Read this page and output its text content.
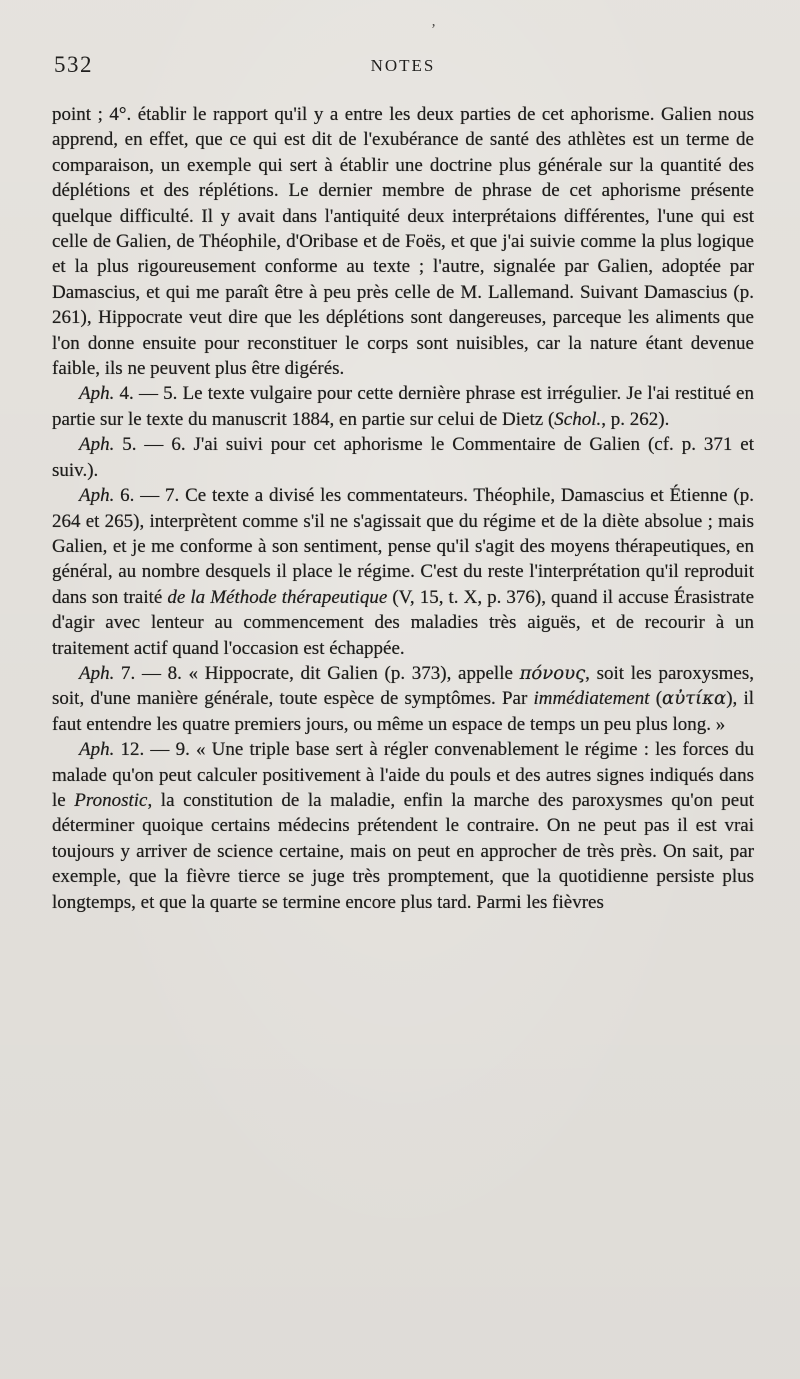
532	NOTES
ʼ

point ; 4°. établir le rapport qu'il y a entre les deux parties de cet aphorisme. Galien nous apprend, en effet, que ce qui est dit de l'exubérance de santé des athlètes est un terme de comparaison, un exemple qui sert à établir une doctrine plus générale sur la quantité des déplétions et des réplétions. Le dernier membre de phrase de cet aphorisme présente quelque difficulté. Il y avait dans l'antiquité deux interprétaions différentes, l'une qui est celle de Galien, de Théophile, d'Oribase et de Foës, et que j'ai suivie comme la plus logique et la plus rigoureusement conforme au texte ; l'autre, signalée par Galien, adoptée par Damascius, et qui me paraît être à peu près celle de M. Lallemand. Suivant Damascius (p. 261), Hippocrate veut dire que les déplétions sont dangereuses, parceque les aliments que l'on donne ensuite pour reconstituer le corps sont nuisibles, car la nature étant devenue faible, ils ne peuvent plus être digérés.

Aph. 4. — 5. Le texte vulgaire pour cette dernière phrase est irrégulier. Je l'ai restitué en partie sur le texte du manuscrit 1884, en partie sur celui de Dietz (Schol., p. 262).

Aph. 5. — 6. J'ai suivi pour cet aphorisme le Commentaire de Galien (cf. p. 371 et suiv.).

Aph. 6. — 7. Ce texte a divisé les commentateurs. Théophile, Damascius et Étienne (p. 264 et 265), interprètent comme s'il ne s'agissait que du régime et de la diète absolue ; mais Galien, et je me conforme à son sentiment, pense qu'il s'agit des moyens thérapeutiques, en général, au nombre desquels il place le régime. C'est du reste l'interprétation qu'il reproduit dans son traité de la Méthode thérapeutique (V, 15, t. X, p. 376), quand il accuse Érasistrate d'agir avec lenteur au commencement des maladies très aiguës, et de recourir à un traitement actif quand l'occasion est échappée.

Aph. 7. — 8. « Hippocrate, dit Galien (p. 373), appelle πόνους, soit les paroxysmes, soit, d'une manière générale, toute espèce de symptômes. Par immédiatement (αὐτίκα), il faut entendre les quatre premiers jours, ou même un espace de temps un peu plus long. »

Aph. 12. — 9. « Une triple base sert à régler convenablement le régime : les forces du malade qu'on peut calculer positivement à l'aide du pouls et des autres signes indiqués dans le Pronostic, la constitution de la maladie, enfin la marche des paroxysmes qu'on peut déterminer quoique certains médecins prétendent le contraire. On ne peut pas il est vrai toujours y arriver de science certaine, mais on peut en approcher de très près. On sait, par exemple, que la fièvre tierce se juge très promptement, que la quotidienne persiste plus longtemps, et que la quarte se termine encore plus tard. Parmi les fièvres
